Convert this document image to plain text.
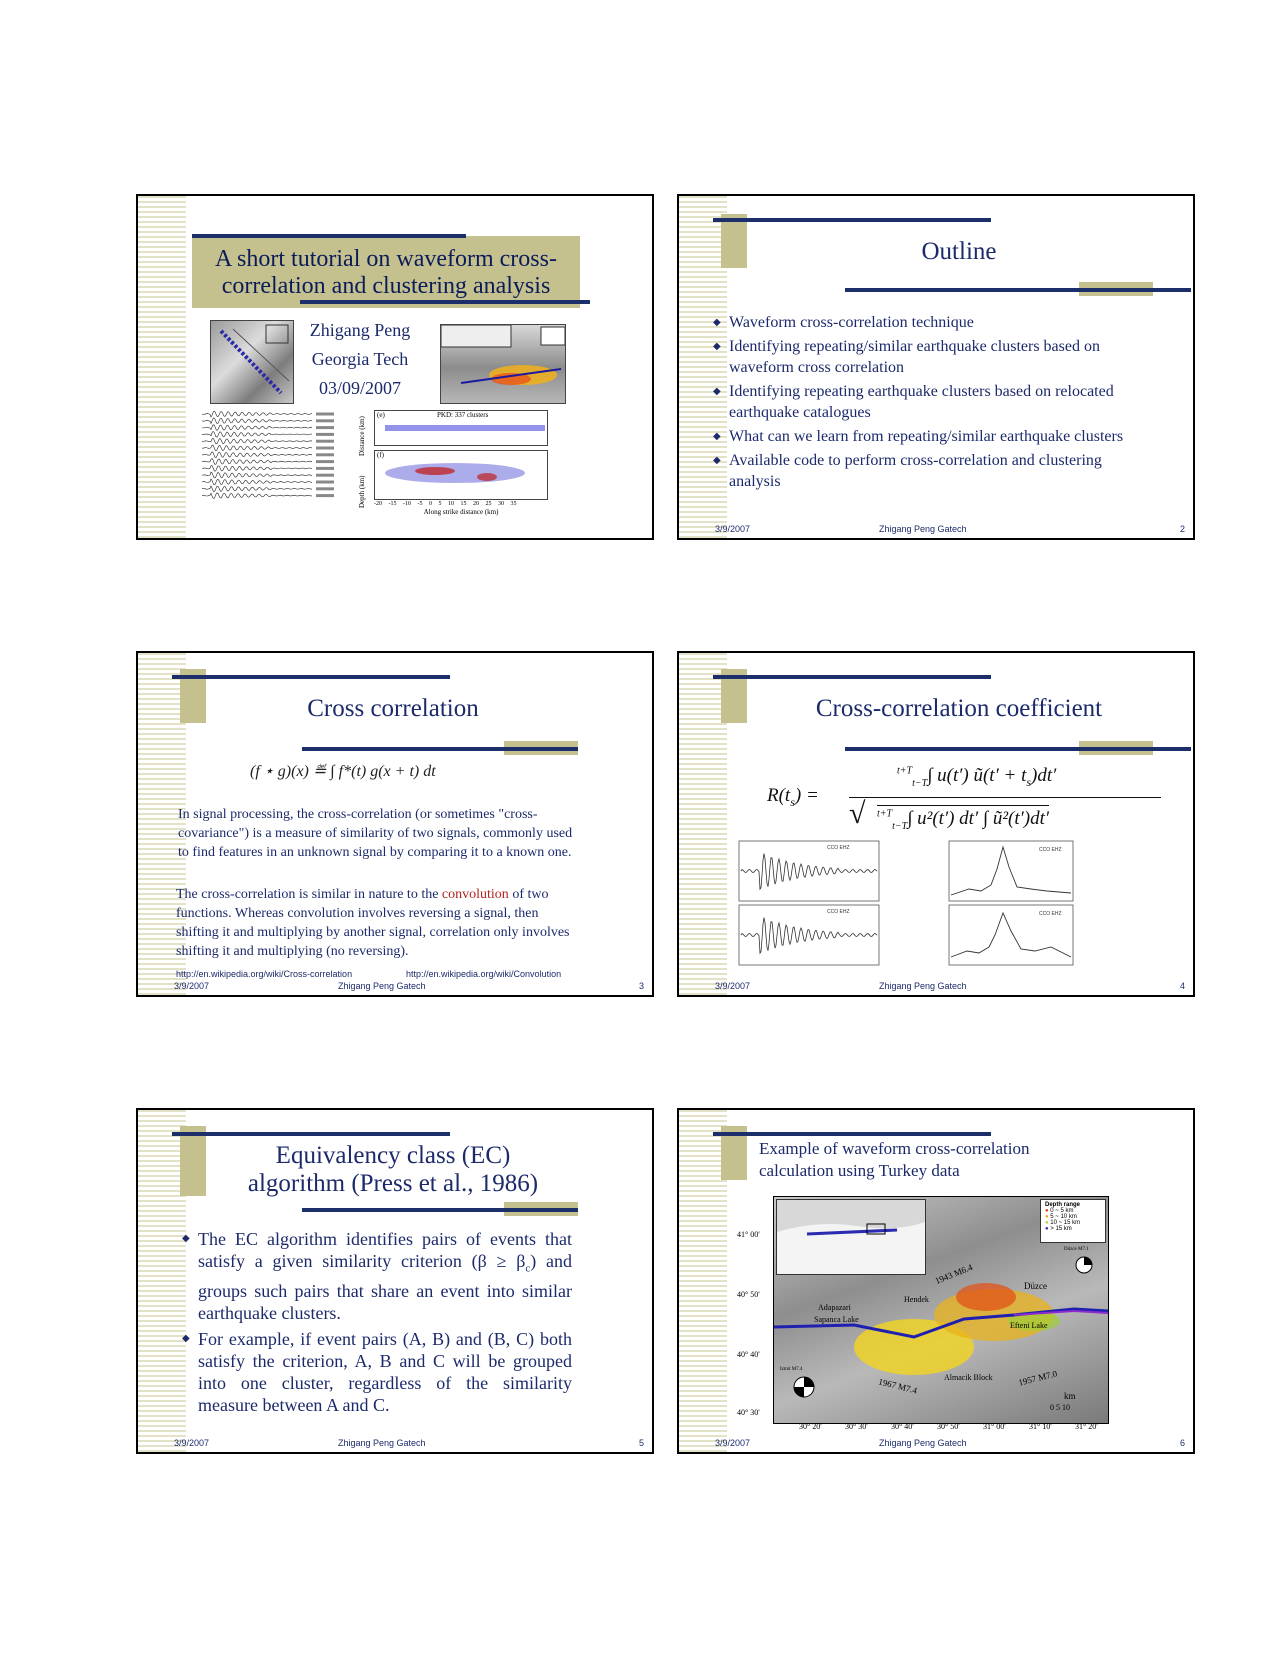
A short tutorial on waveform cross-
correlation and clustering analysis
Zhigang Peng
Georgia Tech
03/09/2007
Distance (km)
Depth (km)
(e)	PKD: 337 clusters
(f)
-20 -15 -10 -5 0 5 10 15 20 25 30 35
Along strike distance (km)
Outline
◆ Waveform cross-correlation technique
◆ Identifying repeating/similar earthquake clusters based on waveform cross correlation
◆ Identifying repeating earthquake clusters based on relocated earthquake catalogues
◆ What can we learn from repeating/similar earthquake clusters
◆ Available code to perform cross-correlation and clustering analysis
3/9/2007	Zhigang Peng Gatech	2
Cross correlation
(f ⋆ g)(x) ≝ ∫ f*(t) g(x + t) dt
In signal processing, the cross-correlation (or sometimes "cross-covariance") is a measure of similarity of two signals, commonly used to find features in an unknown signal by comparing it to a known one.
The cross-correlation is similar in nature to the convolution of two functions. Whereas convolution involves reversing a signal, then shifting it and multiplying by another signal, correlation only involves shifting it and multiplying (no reversing).
http://en.wikipedia.org/wiki/Cross-correlation	http://en.wikipedia.org/wiki/Convolution
3/9/2007	Zhigang Peng Gatech	3
Cross-correlation coefficient
$R(t_s)$ =
$^{t+T}_{t-T}$∫ u(t′) ũ(t′ + $t_s)dt'$
√ $^{t+T}_{t-T}$∫ u²(t′) dt′ ∫ ũ²(t′)dt′
CCO EHZ
CCO EHZ
CCO EHZ
CCO EHZ
3/9/2007	Zhigang Peng Gatech	4
Equivalency class (EC)
algorithm (Press et al., 1986)
◆ The EC algorithm identifies pairs of events that satisfy a given similarity criterion $(\beta \ge \beta_c)$ and groups such pairs that share an event into similar earthquake clusters.
◆ For example, if event pairs (A, B) and (B, C) both satisfy the criterion, A, B and C will be grouped into one cluster, regardless of the similarity measure between A and C.
3/9/2007	Zhigang Peng Gatech	5
Example of waveform cross-correlation
calculation using Turkey data
Depth range
● 0 ~ 5 km
● 5 ~ 10 km
● 10 ~ 15 km
● > 15 km
1943 M6.4	Düzce
Hendek
Adapazari
Sapanca Lake
Efteni Lake
Almacik Block	1957 M7.0
1967 M7.4
Düzce M7.1
Izmit M7.4
km
0 5 10
41° 00'
40° 50'
40° 40'
40° 30'
30° 20'	30° 30'	30° 40'	30° 50'	31° 00'	31° 10'	31° 20'
3/9/2007	Zhigang Peng Gatech	6
